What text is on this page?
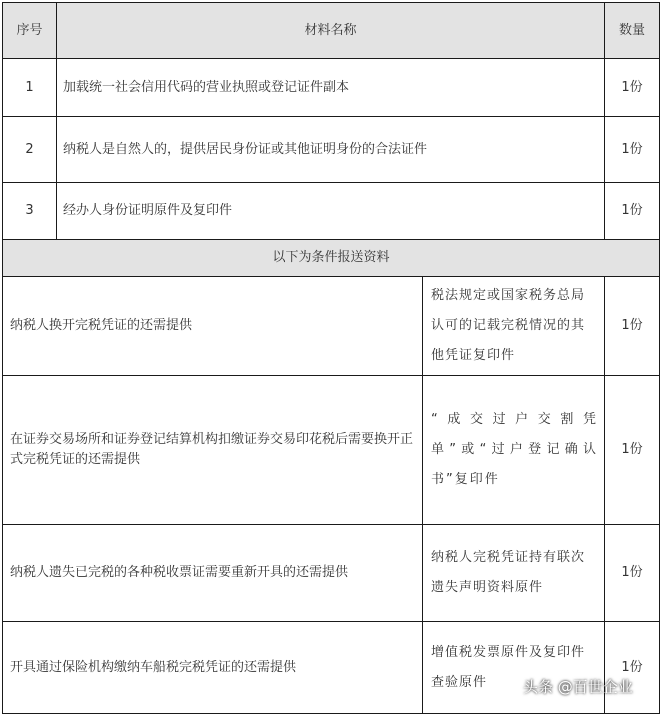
序号	材料名称		数量
1	加载统一社会信用代码的营业执照或登记证件副本		1份
2	纳税人是自然人的，提供居民身份证或其他证明身份的合法证件		1份
3	经办人身份证明原件及复印件		1份
以下为条件报送资料			
纳税人换开完税凭证的还需提供		税法规定或国家税务总局认可的记载完税情况的其他凭证复印件	1份
在证券交易场所和证券登记结算机构扣缴证券交易印花税后需要换开正式完税凭证的还需提供		“成交过户交割凭单”或“过户登记确认书”复印件	1份
纳税人遗失已完税的各种税收票证需要重新开具的还需提供		纳税人完税凭证持有联次遗失声明资料原件	1份
开具通过保险机构缴纳车船税完税凭证的还需提供		增值税发票原件及复印件查验原件	1份
头条 @百世企业
